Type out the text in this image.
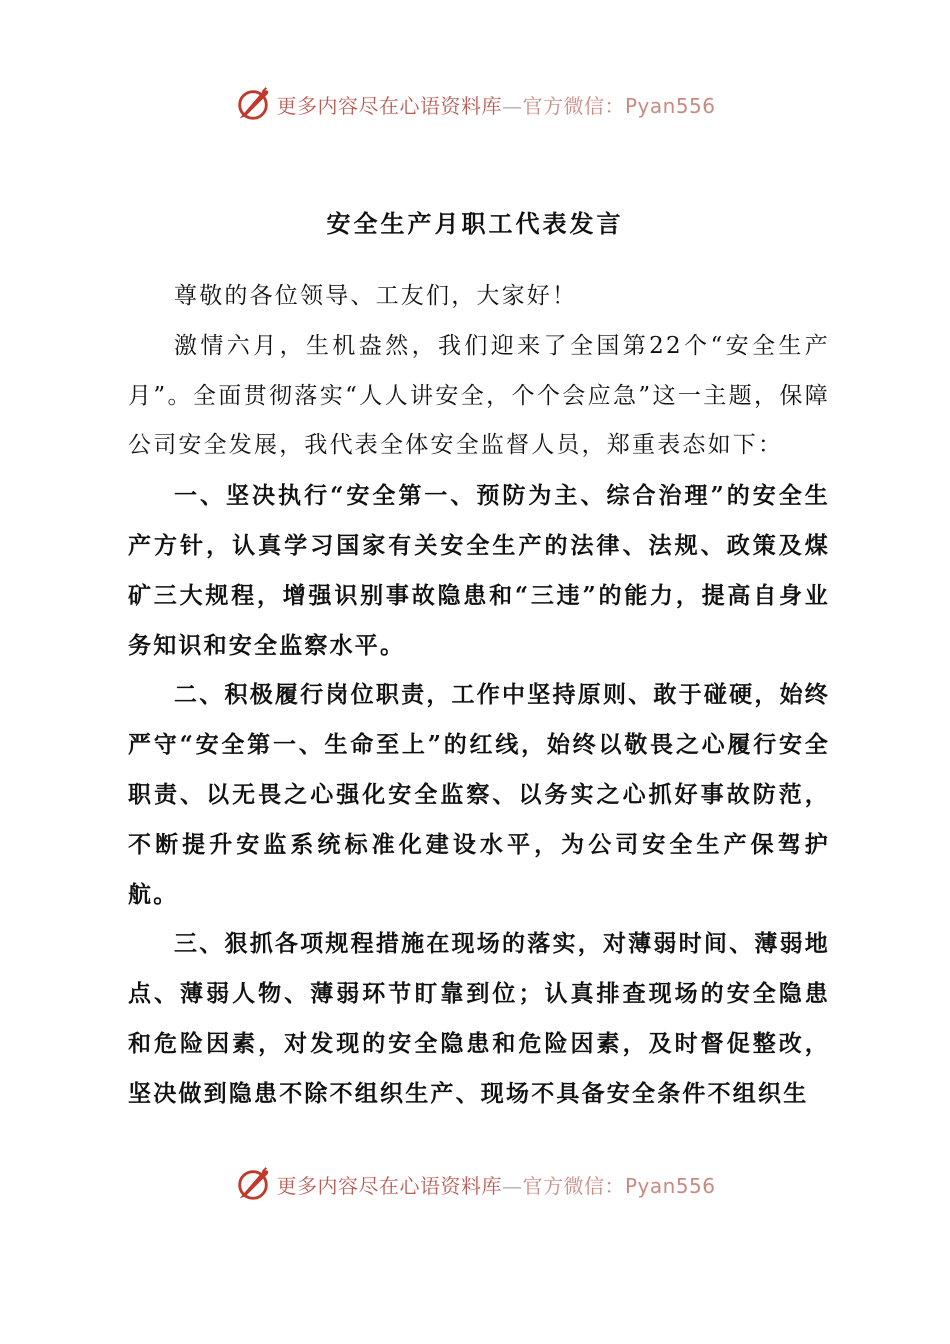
更多内容尽在心语资料库—官方微信：Pyan556
安全生产月职工代表发言

尊敬的各位领导、工友们，大家好！

激情六月，生机盎然，我们迎来了全国第22个“安全生产月”。全面贯彻落实“人人讲安全，个个会应急”这一主题，保障公司安全发展，我代表全体安全监督人员，郑重表态如下：

一、坚决执行“安全第一、预防为主、综合治理”的安全生产方针，认真学习国家有关安全生产的法律、法规、政策及煤矿三大规程，增强识别事故隐患和“三违”的能力，提高自身业务知识和安全监察水平。

二、积极履行岗位职责，工作中坚持原则、敢于碰硬，始终严守“安全第一、生命至上”的红线，始终以敬畏之心履行安全职责、以无畏之心强化安全监察、以务实之心抓好事故防范，不断提升安监系统标准化建设水平，为公司安全生产保驾护航。

三、狠抓各项规程措施在现场的落实，对薄弱时间、薄弱地点、薄弱人物、薄弱环节盯靠到位；认真排查现场的安全隐患和危险因素，对发现的安全隐患和危险因素，及时督促整改，坚决做到隐患不除不组织生产、现场不具备安全条件不组织生

更多内容尽在心语资料库—官方微信：Pyan556
